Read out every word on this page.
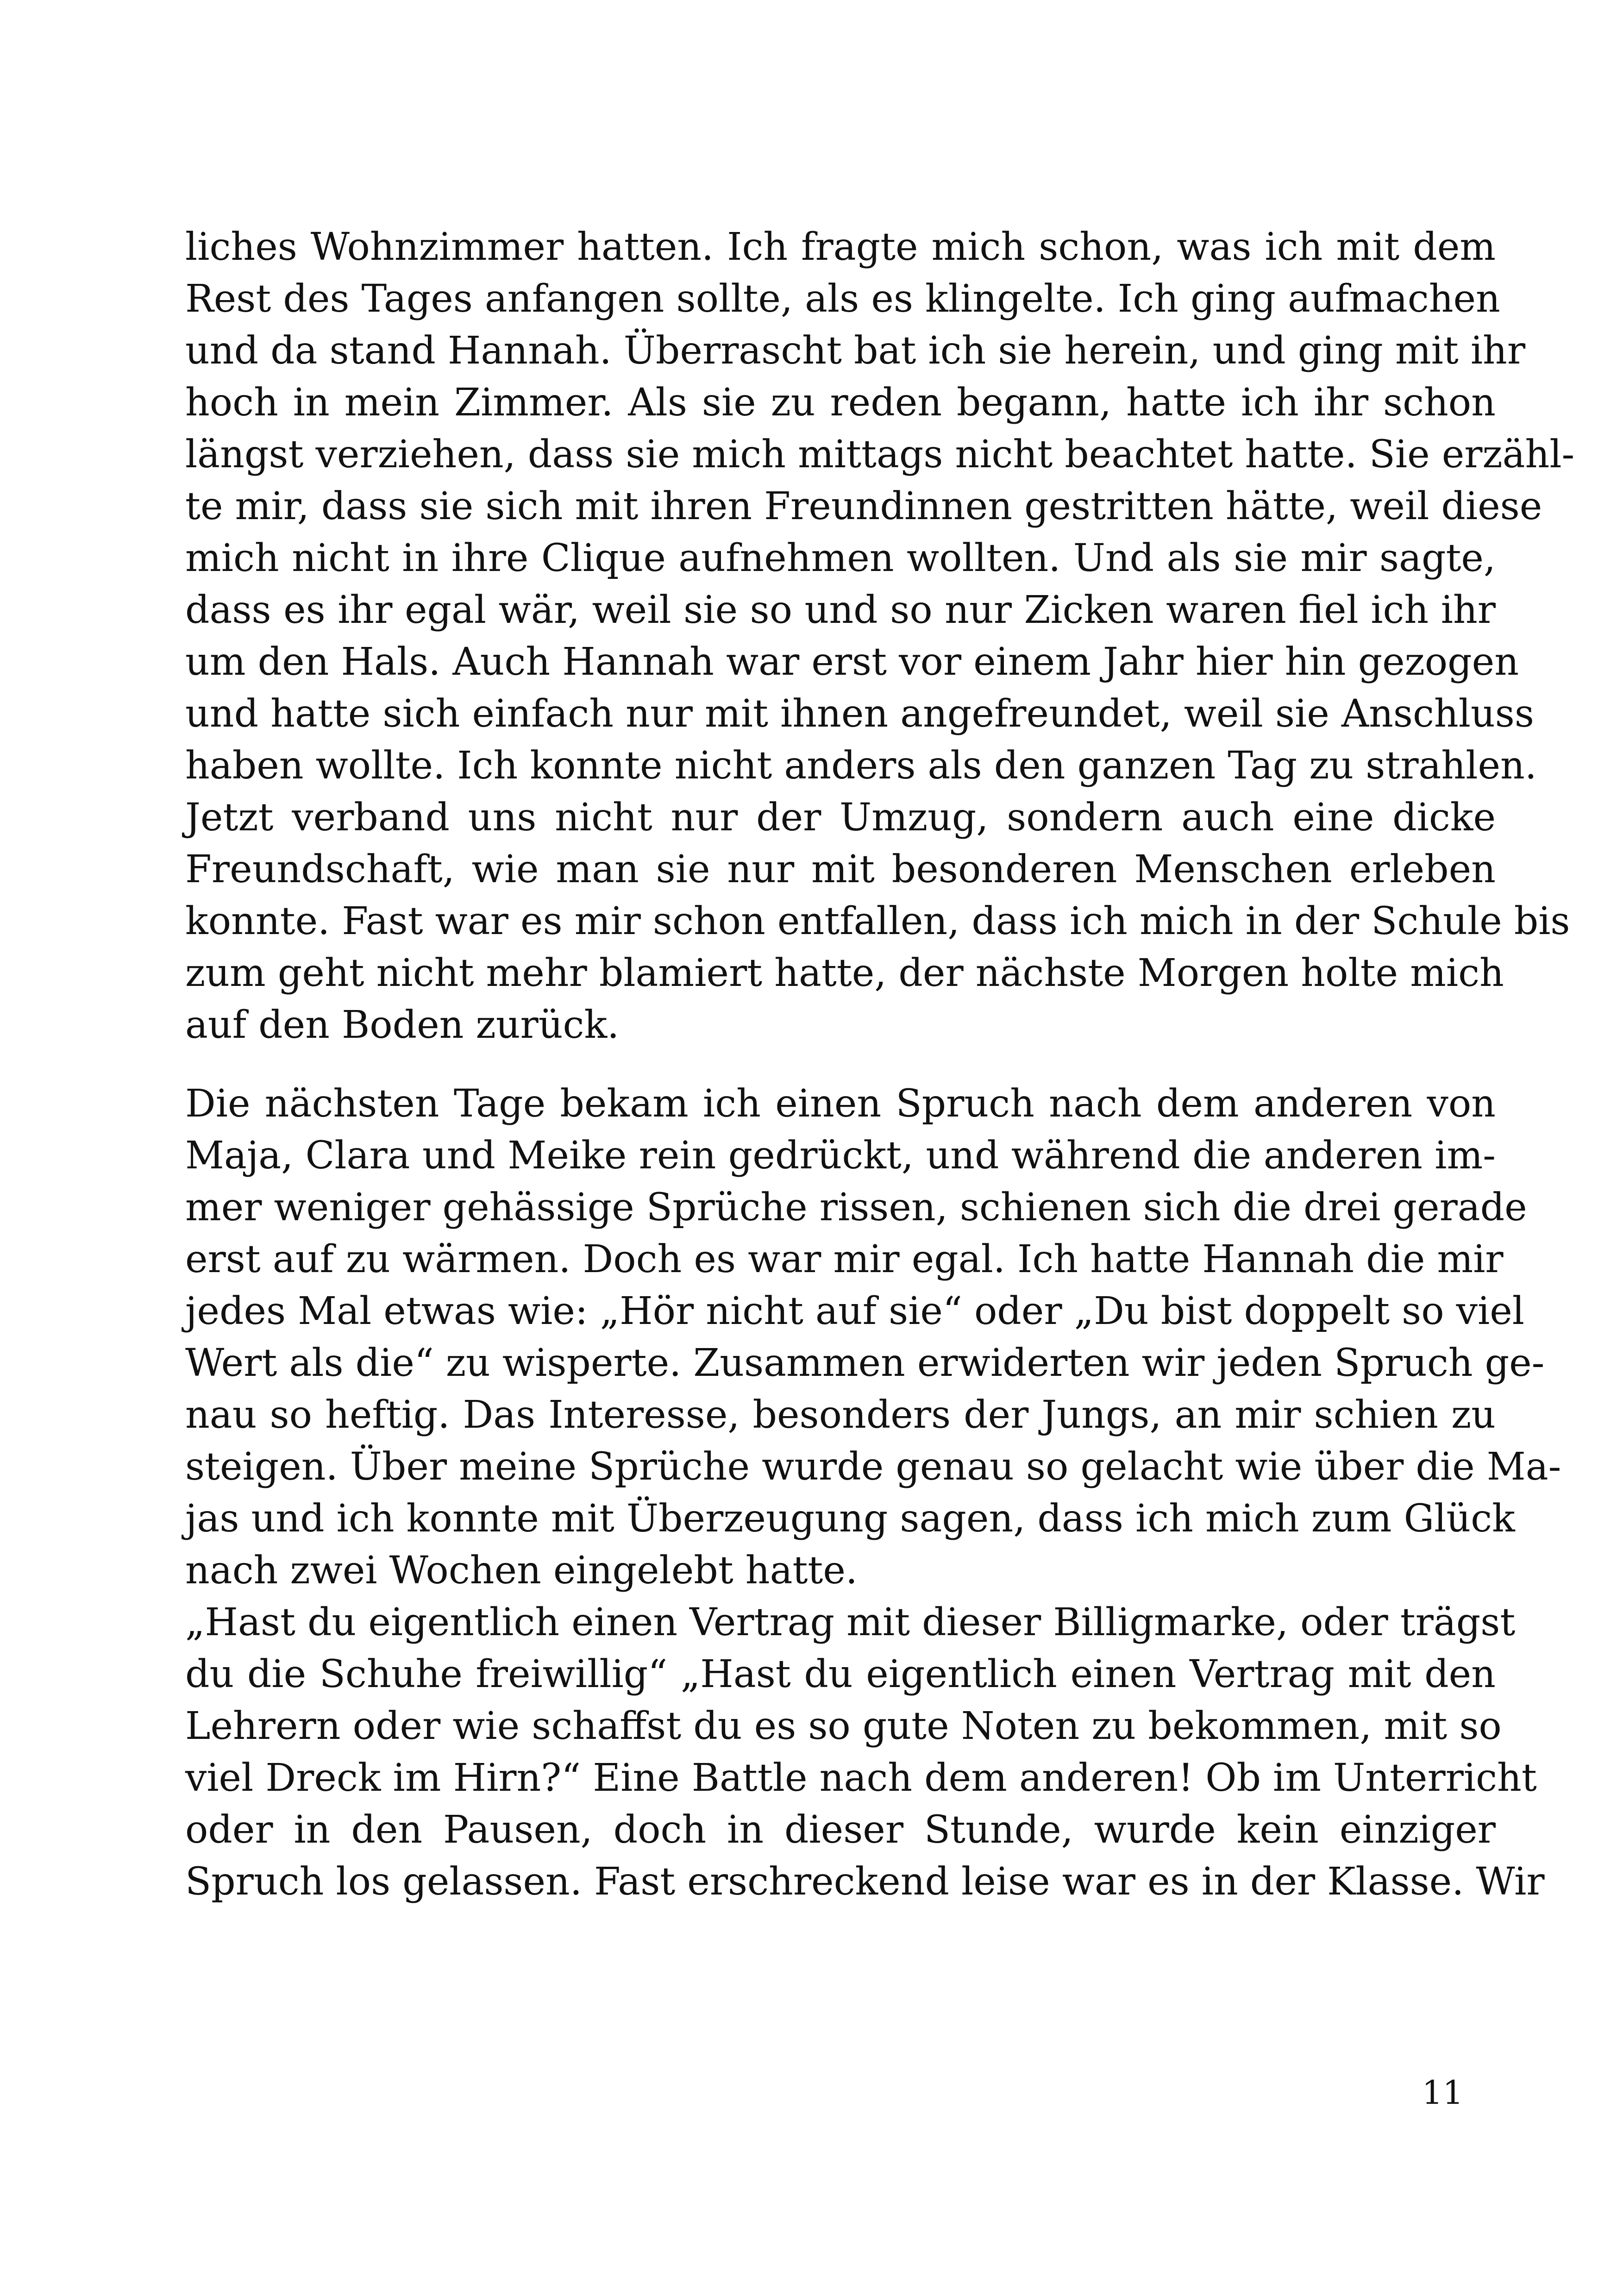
liches Wohnzimmer hatten. Ich fragte mich schon, was ich mit dem
Rest des Tages anfangen sollte, als es klingelte. Ich ging aufmachen
und da stand Hannah. Überrascht bat ich sie herein, und ging mit ihr
hoch in mein Zimmer. Als sie zu reden begann, hatte ich ihr schon
längst verziehen, dass sie mich mittags nicht beachtet hatte. Sie erzähl-
te mir, dass sie sich mit ihren Freundinnen gestritten hätte, weil diese
mich nicht in ihre Clique aufnehmen wollten. Und als sie mir sagte,
dass es ihr egal wär, weil sie so und so nur Zicken waren fiel ich ihr
um den Hals. Auch Hannah war erst vor einem Jahr hier hin gezogen
und hatte sich einfach nur mit ihnen angefreundet, weil sie Anschluss
haben wollte. Ich konnte nicht anders als den ganzen Tag zu strahlen.
Jetzt verband uns nicht nur der Umzug, sondern auch eine dicke
Freundschaft, wie man sie nur mit besonderen Menschen erleben
konnte. Fast war es mir schon entfallen, dass ich mich in der Schule bis
zum geht nicht mehr blamiert hatte, der nächste Morgen holte mich
auf den Boden zurück.
Die nächsten Tage bekam ich einen Spruch nach dem anderen von
Maja, Clara und Meike rein gedrückt, und während die anderen im-
mer weniger gehässige Sprüche rissen, schienen sich die drei gerade
erst auf zu wärmen. Doch es war mir egal. Ich hatte Hannah die mir
jedes Mal etwas wie: „Hör nicht auf sie“ oder „Du bist doppelt so viel
Wert als die“ zu wisperte. Zusammen erwiderten wir jeden Spruch ge-
nau so heftig. Das Interesse, besonders der Jungs, an mir schien zu
steigen. Über meine Sprüche wurde genau so gelacht wie über die Ma-
jas und ich konnte mit Überzeugung sagen, dass ich mich zum Glück
nach zwei Wochen eingelebt hatte.
„Hast du eigentlich einen Vertrag mit dieser Billigmarke, oder trägst
du die Schuhe freiwillig“ „Hast du eigentlich einen Vertrag mit den
Lehrern oder wie schaffst du es so gute Noten zu bekommen, mit so
viel Dreck im Hirn?“ Eine Battle nach dem anderen! Ob im Unterricht
oder in den Pausen, doch in dieser Stunde, wurde kein einziger
Spruch los gelassen. Fast erschreckend leise war es in der Klasse. Wir
11
